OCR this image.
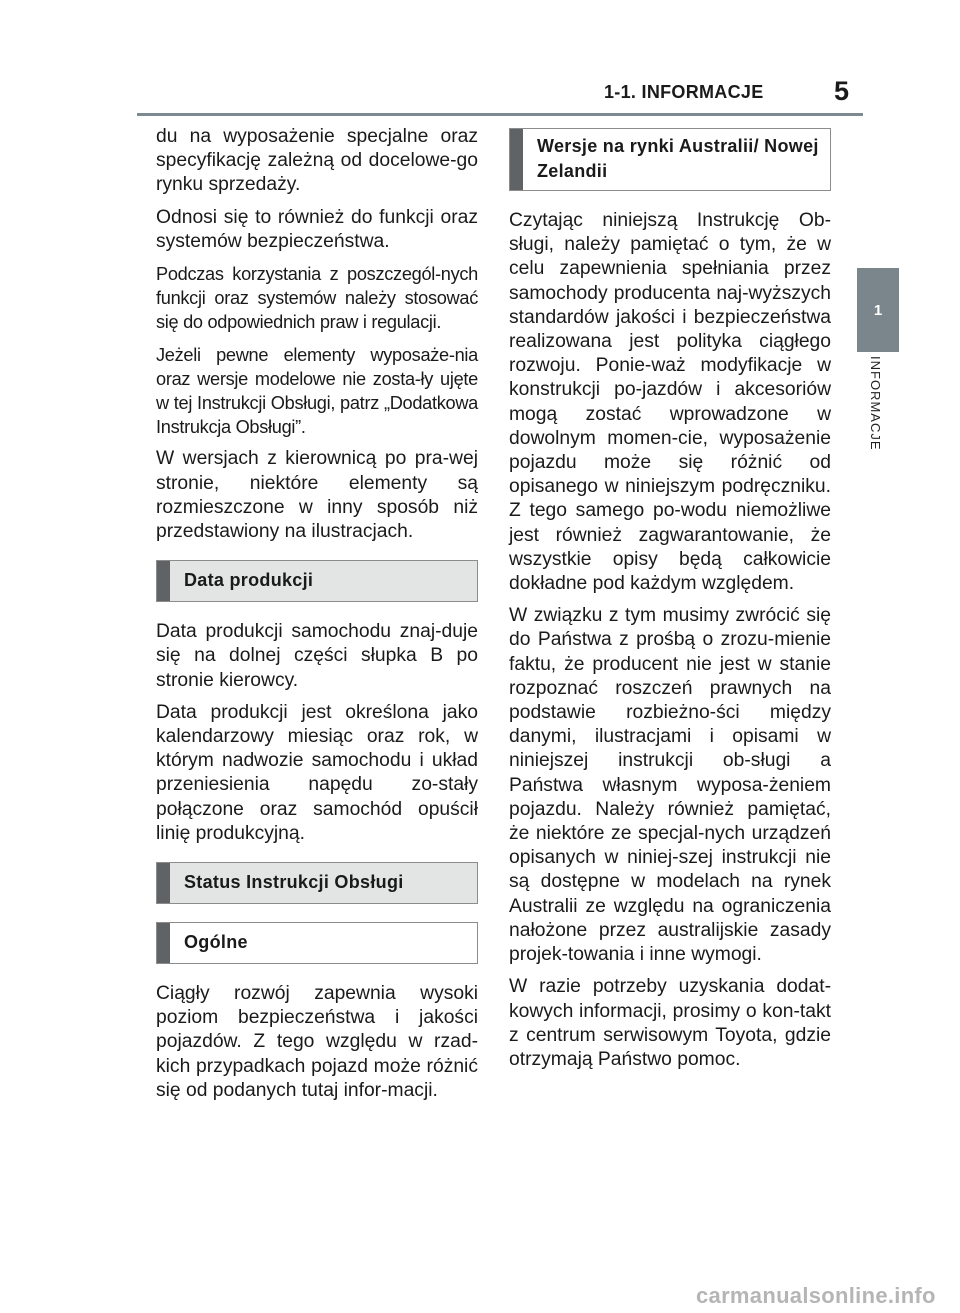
1-1. INFORMACJE	5
1
INFORMACJE

du na wyposażenie specjalne oraz specyfikację zależną od docelowe-go rynku sprzedaży.

Odnosi się to również do funkcji oraz systemów bezpieczeństwa.

Podczas korzystania z poszczegól-nych funkcji oraz systemów należy stosować się do odpowiednich praw i regulacji.

Jeżeli pewne elementy wyposaże-nia oraz wersje modelowe nie zosta-ły ujęte w tej Instrukcji Obsługi, patrz „Dodatkowa Instrukcja Obsługi”.

W wersjach z kierownicą po pra-wej stronie, niektóre elementy są rozmieszczone w inny sposób niż przedstawiony na ilustracjach.

Data produkcji

Data produkcji samochodu znaj-duje się na dolnej części słupka B po stronie kierowcy.

Data produkcji jest określona jako kalendarzowy miesiąc oraz rok, w którym nadwozie samochodu i układ przeniesienia napędu zo-stały połączone oraz samochód opuścił linię produkcyjną.

Status Instrukcji Obsługi
Ogólne

Ciągły rozwój zapewnia wysoki poziom bezpieczeństwa i jakości pojazdów. Z tego względu w rzad-kich przypadkach pojazd może różnić się od podanych tutaj infor-macji.

Wersje na rynki Australii/ Nowej Zelandii

Czytając niniejszą Instrukcję Ob-sługi, należy pamiętać o tym, że w celu zapewnienia spełniania przez samochody producenta naj-wyższych standardów jakości i bezpieczeństwa realizowana jest polityka ciągłego rozwoju. Ponie-waż modyfikacje w konstrukcji po-jazdów i akcesoriów mogą zostać wprowadzone w dowolnym momen-cie, wyposażenie pojazdu może się różnić od opisanego w niniejszym podręczniku. Z tego samego po-wodu niemożliwe jest również zagwarantowanie, że wszystkie opisy będą całkowicie dokładne pod każdym względem.

W związku z tym musimy zwrócić się do Państwa z prośbą o zrozu-mienie faktu, że producent nie jest w stanie rozpoznać roszczeń prawnych na podstawie rozbieżno-ści między danymi, ilustracjami i opisami w niniejszej instrukcji ob-sługi a Państwa własnym wyposa-żeniem pojazdu. Należy również pamiętać, że niektóre ze specjal-nych urządzeń opisanych w niniej-szej instrukcji nie są dostępne w modelach na rynek Australii ze względu na ograniczenia nałożone przez australijskie zasady projek-towania i inne wymogi.

W razie potrzeby uzyskania dodat-kowych informacji, prosimy o kon-takt z centrum serwisowym Toyota, gdzie otrzymają Państwo pomoc.

carmanualsonline.info
